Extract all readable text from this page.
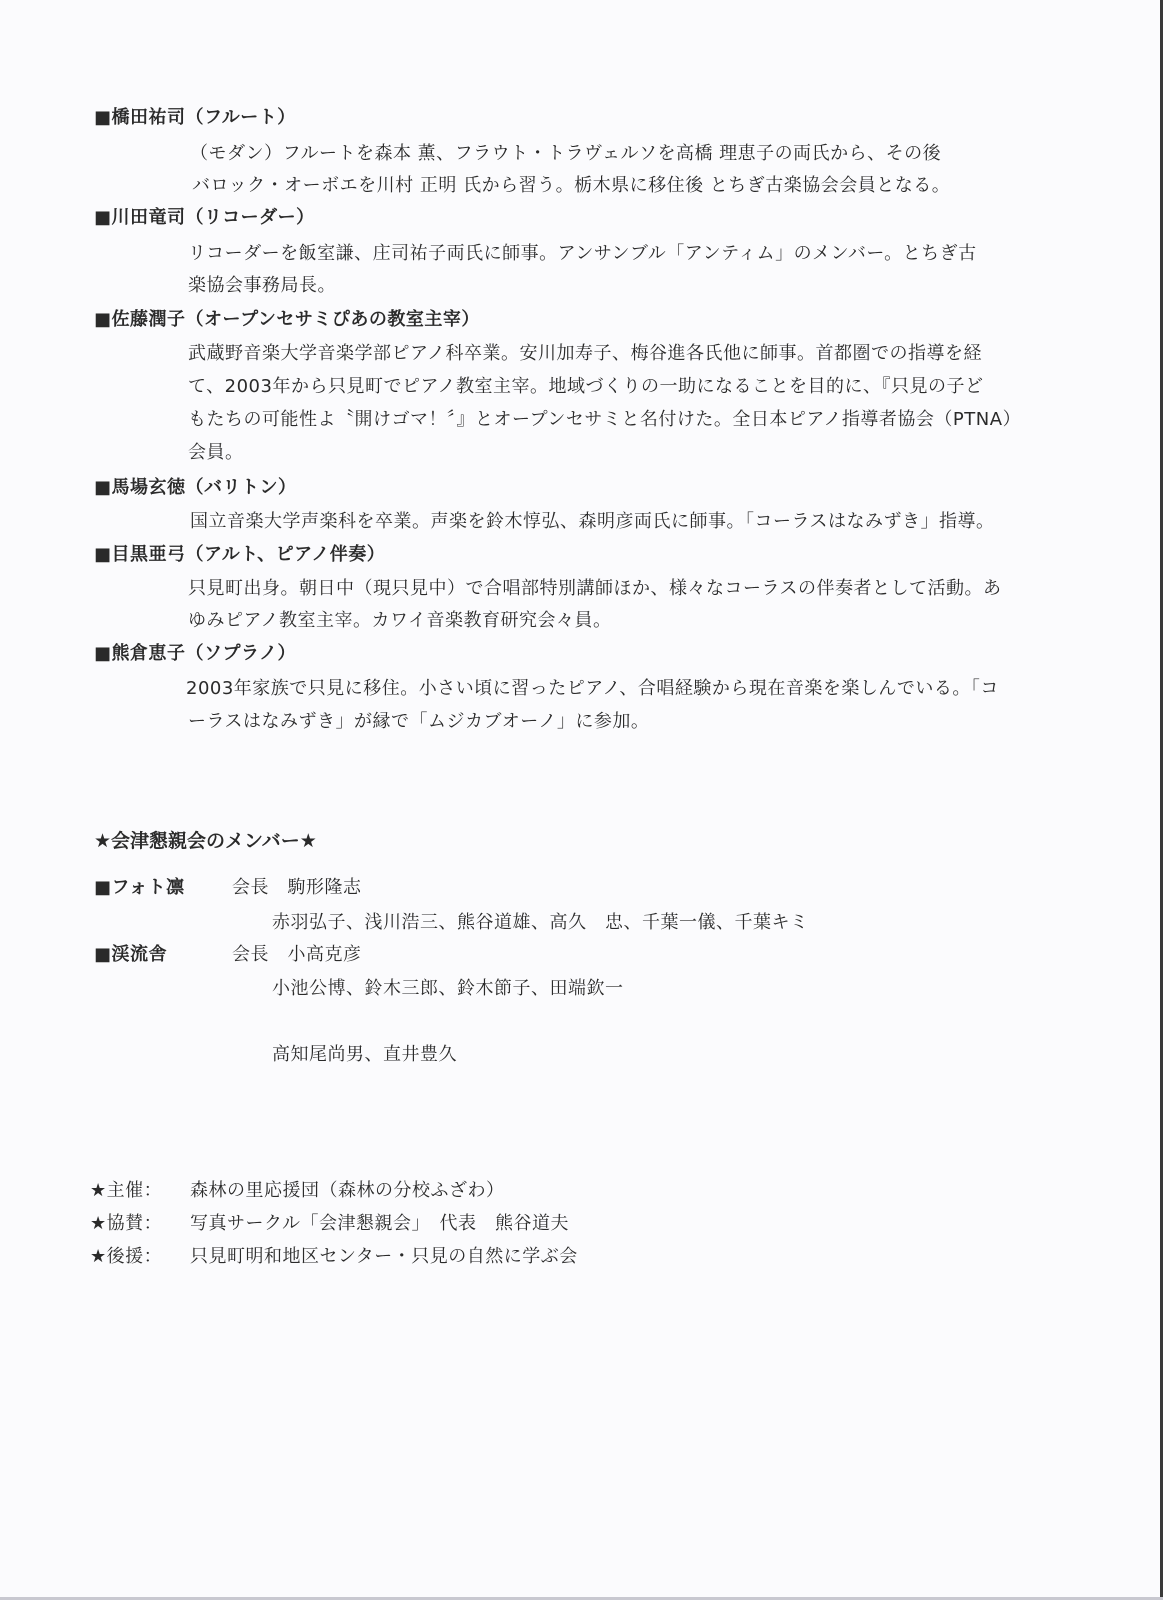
■橋田祐司（フルート）
（モダン）フルートを森本 薫、フラウト・トラヴェルソを高橋 理恵子の両氏から、その後
バロック・オーボエを川村 正明 氏から習う。栃木県に移住後 とちぎ古楽協会会員となる。
■川田竜司（リコーダー）
リコーダーを飯室謙、庄司祐子両氏に師事。アンサンブル「アンティム」のメンバー。とちぎ古
楽協会事務局長。
■佐藤潤子（オープンセサミぴあの教室主宰）
武蔵野音楽大学音楽学部ピアノ科卒業。安川加寿子、梅谷進各氏他に師事。首都圏での指導を経
て、2003年から只見町でピアノ教室主宰。地域づくりの一助になることを目的に、『只見の子ど
もたちの可能性よ〝開けゴマ！〞』とオープンセサミと名付けた。全日本ピアノ指導者協会（PTNA）
会員。
■馬場玄徳（バリトン）
国立音楽大学声楽科を卒業。声楽を鈴木惇弘、森明彦両氏に師事。「コーラスはなみずき」指導。
■目黒亜弓（アルト、ピアノ伴奏）
只見町出身。朝日中（現只見中）で合唱部特別講師ほか、様々なコーラスの伴奏者として活動。あ
ゆみピアノ教室主宰。カワイ音楽教育研究会々員。
■熊倉恵子（ソプラノ）
2003年家族で只見に移住。小さい頃に習ったピアノ、合唱経験から現在音楽を楽しんでいる。「コ
ーラスはなみずき」が縁で「ムジカブオーノ」に参加。
★会津懇親会のメンバー★
■フォト凛	会長　駒形隆志
赤羽弘子、浅川浩三、熊谷道雄、高久　忠、千葉一儀、千葉キミ
■渓流舎	会長　小高克彦
小池公博、鈴木三郎、鈴木節子、田端欽一
高知尾尚男、直井豊久
★主催： 森林の里応援団（森林の分校ふざわ）
★協賛： 写真サークル「会津懇親会」　代表　熊谷道夫
★後援： 只見町明和地区センター・只見の自然に学ぶ会
